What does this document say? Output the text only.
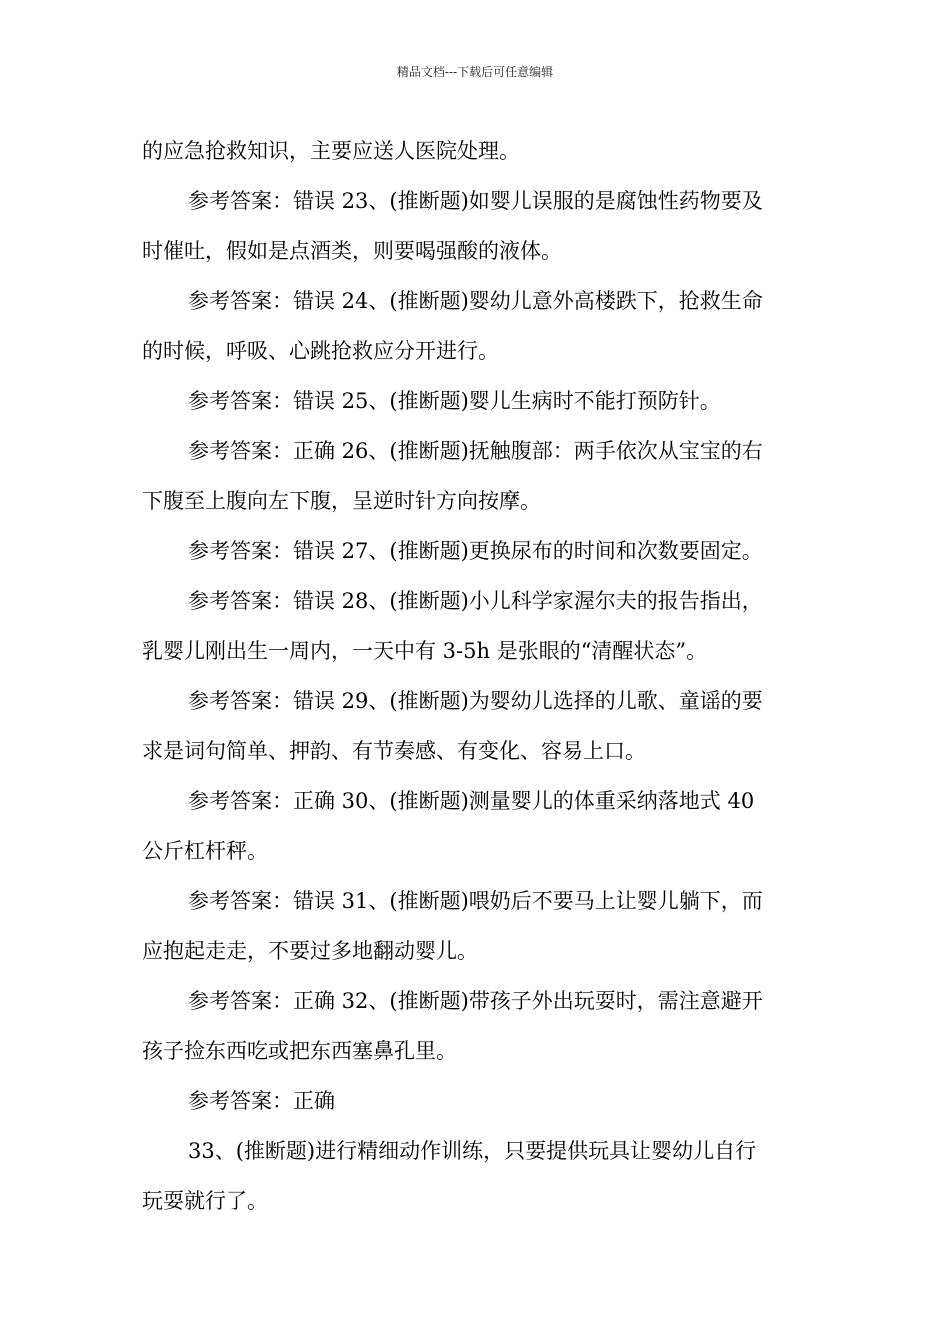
精品文档---下载后可任意编辑
的应急抢救知识，主要应送人医院处理。
参考答案：错误 23、(推断题)如婴儿误服的是腐蚀性药物要及
时催吐，假如是点酒类，则要喝强酸的液体。
参考答案：错误 24、(推断题)婴幼儿意外高楼跌下，抢救生命
的时候，呼吸、心跳抢救应分开进行。
参考答案：错误 25、(推断题)婴儿生病时不能打预防针。
参考答案：正确 26、(推断题)抚触腹部：两手依次从宝宝的右
下腹至上腹向左下腹，呈逆时针方向按摩。
参考答案：错误 27、(推断题)更换尿布的时间和次数要固定。
参考答案：错误 28、(推断题)小儿科学家渥尔夫的报告指出，
乳婴儿刚出生一周内，一天中有 3-5h 是张眼的“清醒状态”。
参考答案：错误 29、(推断题)为婴幼儿选择的儿歌、童谣的要
求是词句简单、押韵、有节奏感、有变化、容易上口。
参考答案：正确 30、(推断题)测量婴儿的体重采纳落地式 40
公斤杠杆秤。
参考答案：错误 31、(推断题)喂奶后不要马上让婴儿躺下，而
应抱起走走，不要过多地翻动婴儿。
参考答案：正确 32、(推断题)带孩子外出玩耍时，需注意避开
孩子捡东西吃或把东西塞鼻孔里。
参考答案：正确
33、(推断题)进行精细动作训练，只要提供玩具让婴幼儿自行
玩耍就行了。
